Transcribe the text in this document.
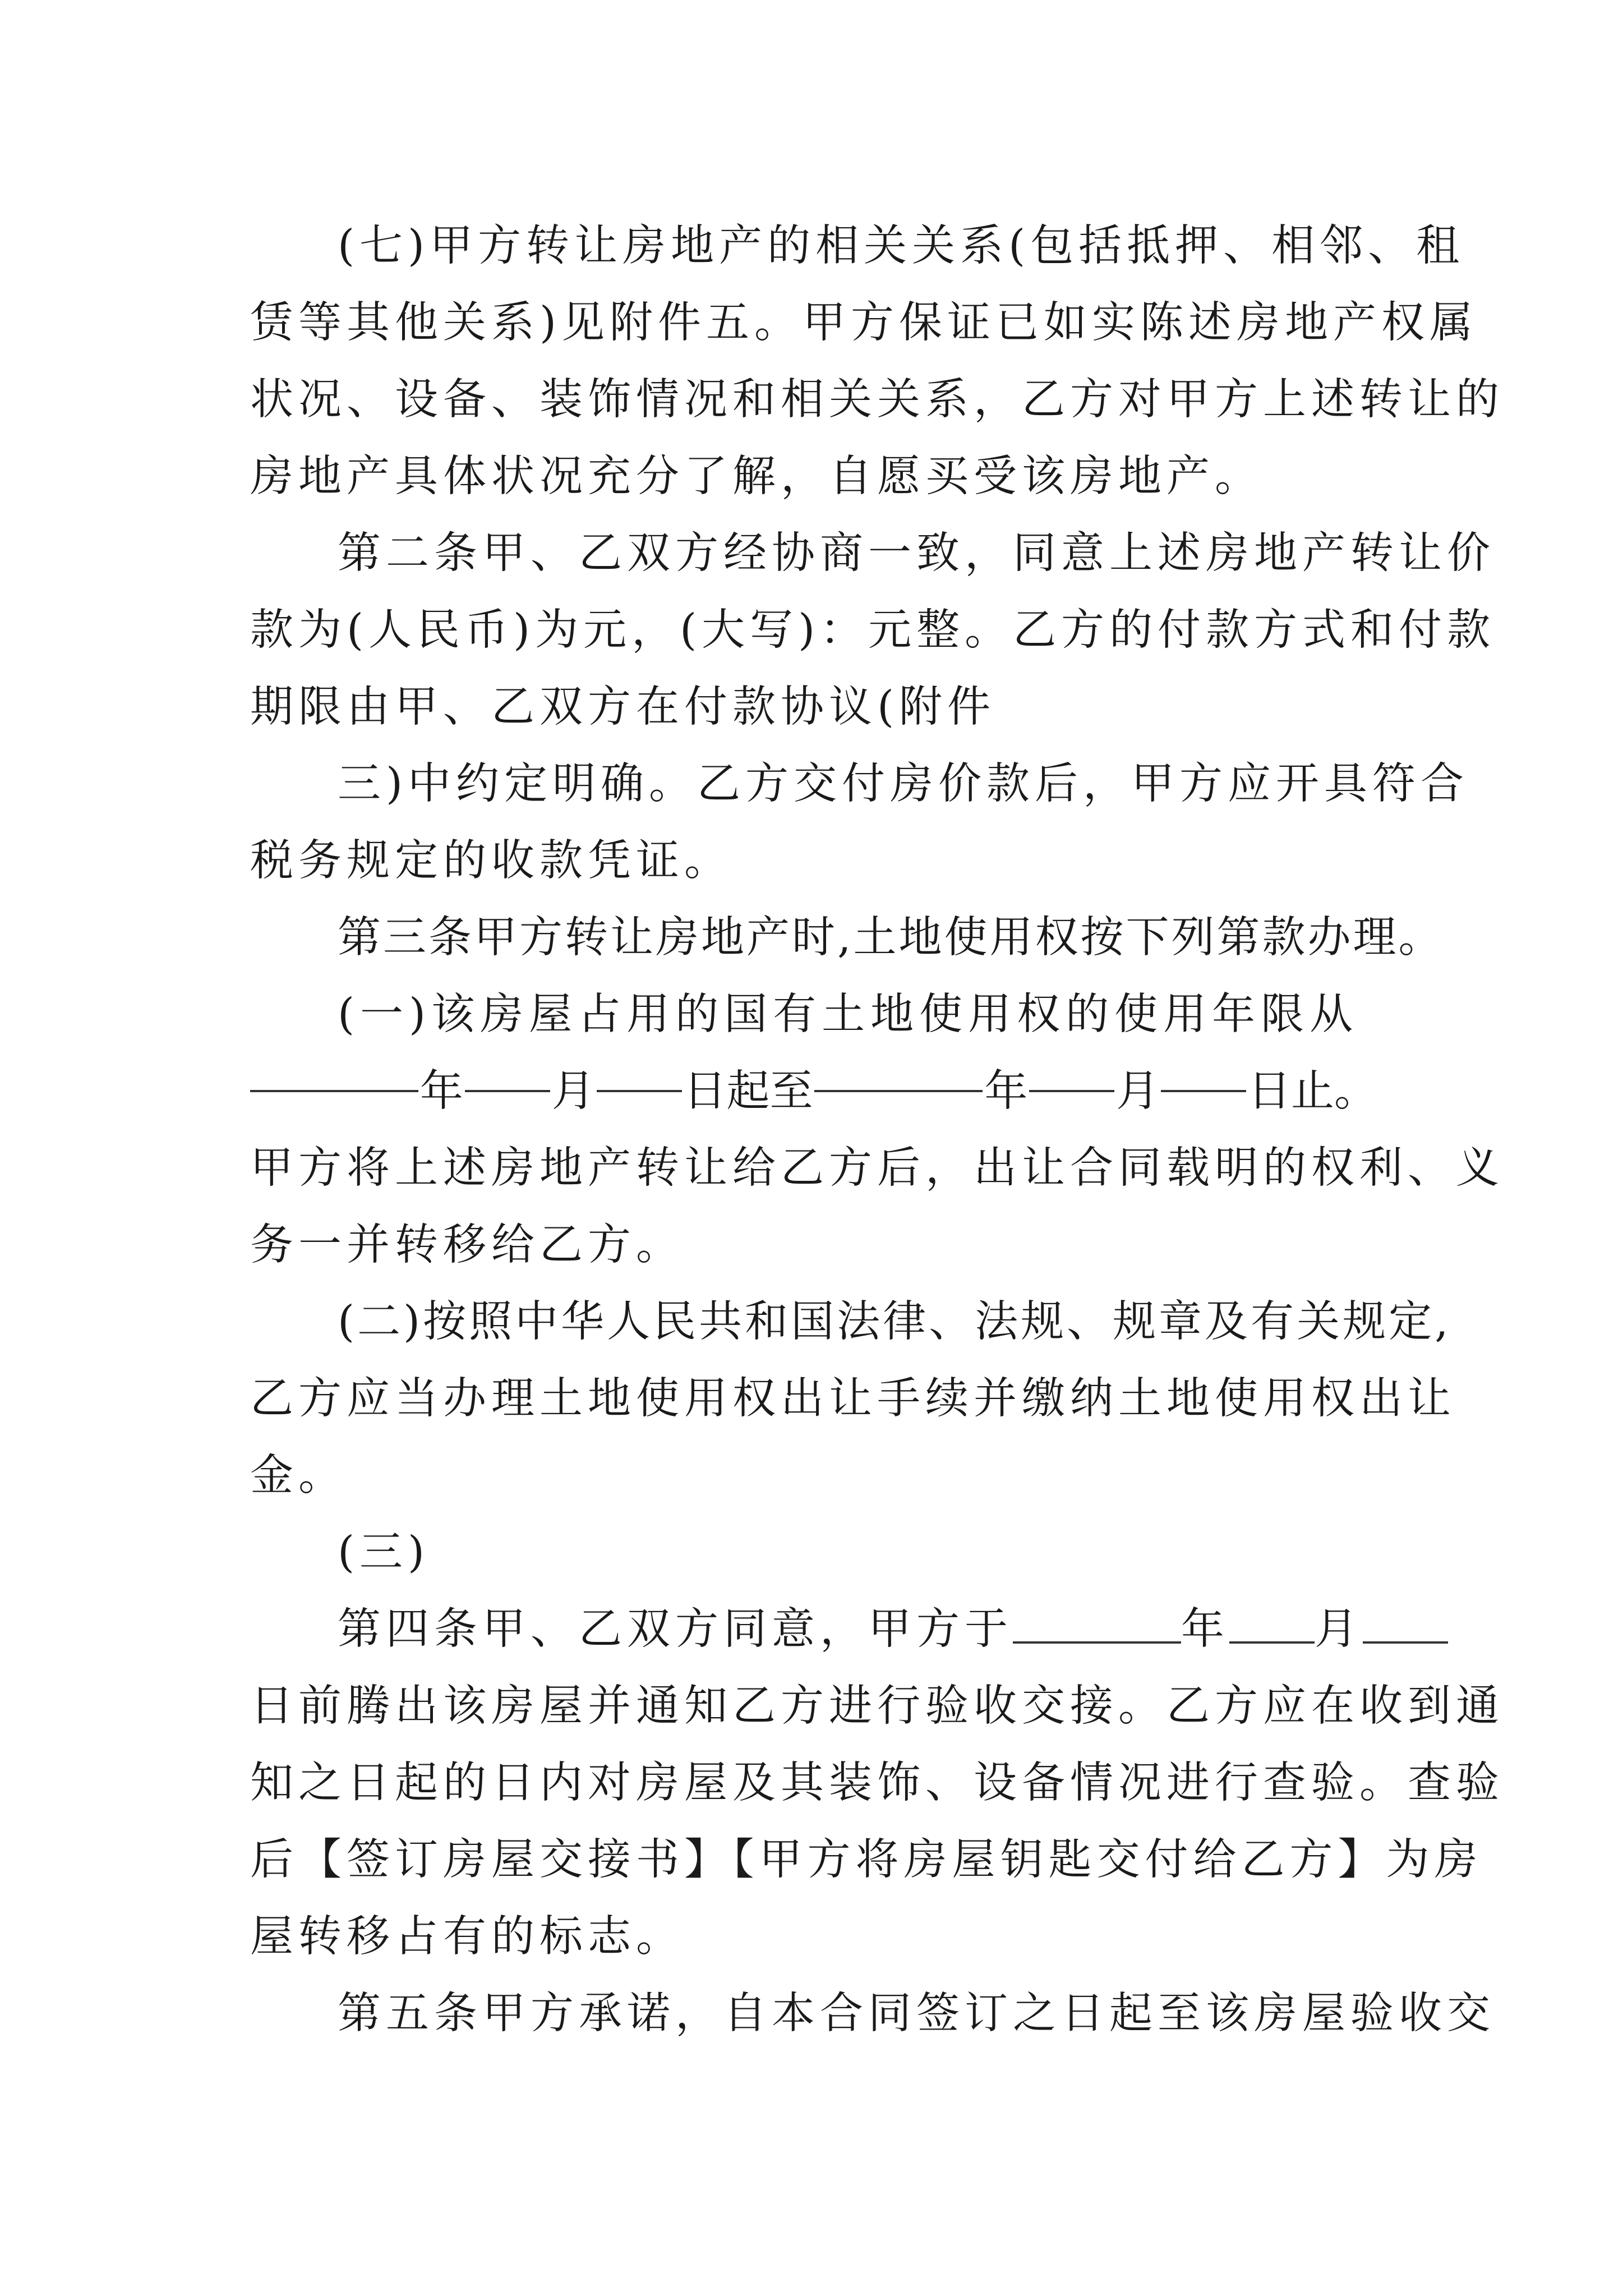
(七)甲方转让房地产的相关关系(包括抵押、相邻、租
赁等其他关系)见附件五。甲方保证已如实陈述房地产权属
状况、设备、装饰情况和相关关系，乙方对甲方上述转让的
房地产具体状况充分了解，自愿买受该房地产。
第二条甲、乙双方经协商一致，同意上述房地产转让价
款为(人民币)为元，(大写)：元整。乙方的付款方式和付款
期限由甲、乙双方在付款协议(附件
三)中约定明确。乙方交付房价款后，甲方应开具符合
税务规定的收款凭证。
第三条甲方转让房地产时,土地使用权按下列第款办理。
(一)该房屋占用的国有土地使用权的使用年限从
年 月 日起至	年 月 日止。
甲方将上述房地产转让给乙方后，出让合同载明的权利、义
务一并转移给乙方。
(二)按照中华人民共和国法律、法规、规章及有关规定,
乙方应当办理土地使用权出让手续并缴纳土地使用权出让
金。
(三)
第四条甲、乙双方同意，甲方于	年 月
日前腾出该房屋并通知乙方进行验收交接。乙方应在收到通
知之日起的日内对房屋及其装饰、设备情况进行查验。查验
后【签订房屋交接书】【甲方将房屋钥匙交付给乙方】为房
屋转移占有的标志。
第五条甲方承诺，自本合同签订之日起至该房屋验收交
